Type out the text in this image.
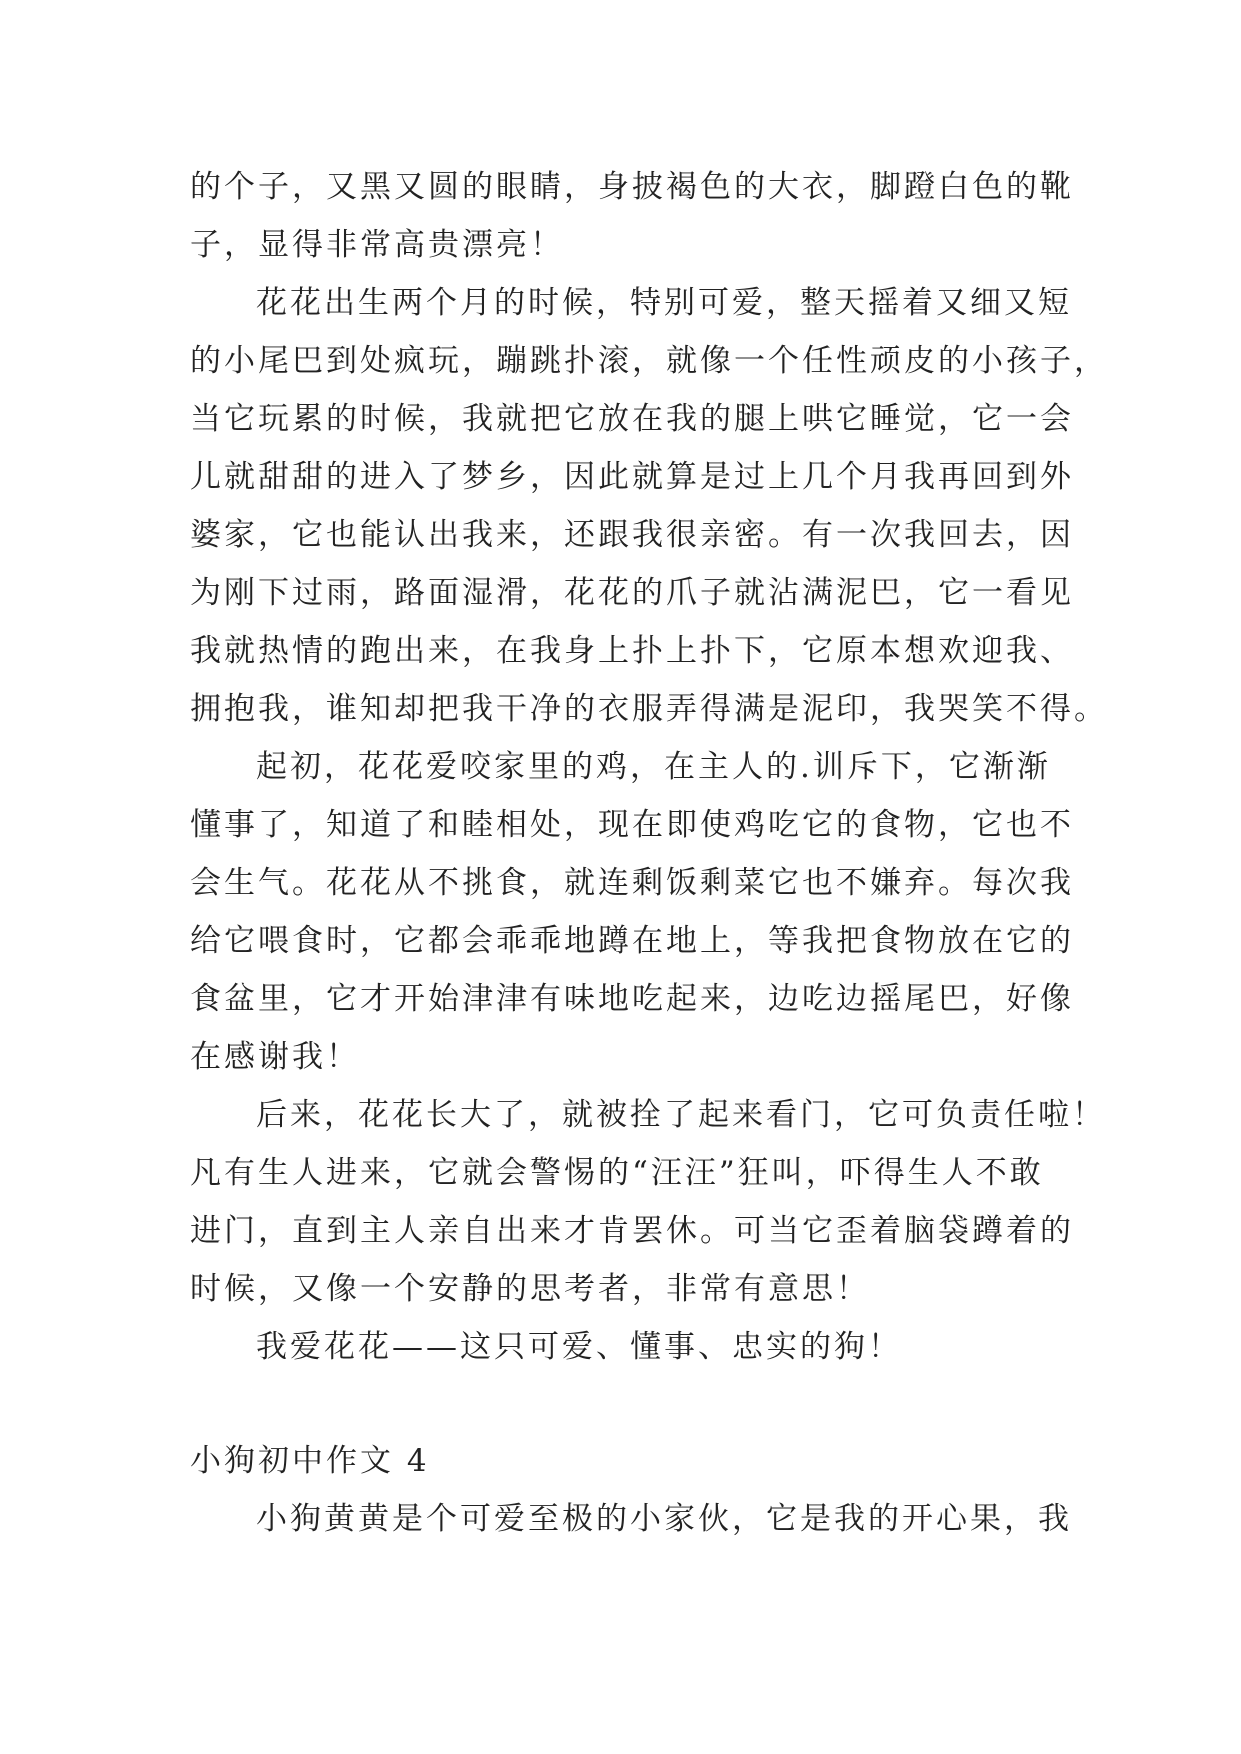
的个子，又黑又圆的眼睛，身披褐色的大衣，脚蹬白色的靴
子，显得非常高贵漂亮！
花花出生两个月的时候，特别可爱，整天摇着又细又短
的小尾巴到处疯玩，蹦跳扑滚，就像一个任性顽皮的小孩子，
当它玩累的时候，我就把它放在我的腿上哄它睡觉，它一会
儿就甜甜的进入了梦乡，因此就算是过上几个月我再回到外
婆家，它也能认出我来，还跟我很亲密。有一次我回去，因
为刚下过雨，路面湿滑，花花的爪子就沾满泥巴，它一看见
我就热情的跑出来，在我身上扑上扑下，它原本想欢迎我、
拥抱我，谁知却把我干净的衣服弄得满是泥印，我哭笑不得。
起初，花花爱咬家里的鸡，在主人的.训斥下，它渐渐
懂事了，知道了和睦相处，现在即使鸡吃它的食物，它也不
会生气。花花从不挑食，就连剩饭剩菜它也不嫌弃。每次我
给它喂食时，它都会乖乖地蹲在地上，等我把食物放在它的
食盆里，它才开始津津有味地吃起来，边吃边摇尾巴，好像
在感谢我！
后来，花花长大了，就被拴了起来看门，它可负责任啦！
凡有生人进来，它就会警惕的“汪汪”狂叫，吓得生人不敢
进门，直到主人亲自出来才肯罢休。可当它歪着脑袋蹲着的
时候，又像一个安静的思考者，非常有意思！
我爱花花——这只可爱、懂事、忠实的狗！
小狗初中作文 4
小狗黄黄是个可爱至极的小家伙，它是我的开心果，我
